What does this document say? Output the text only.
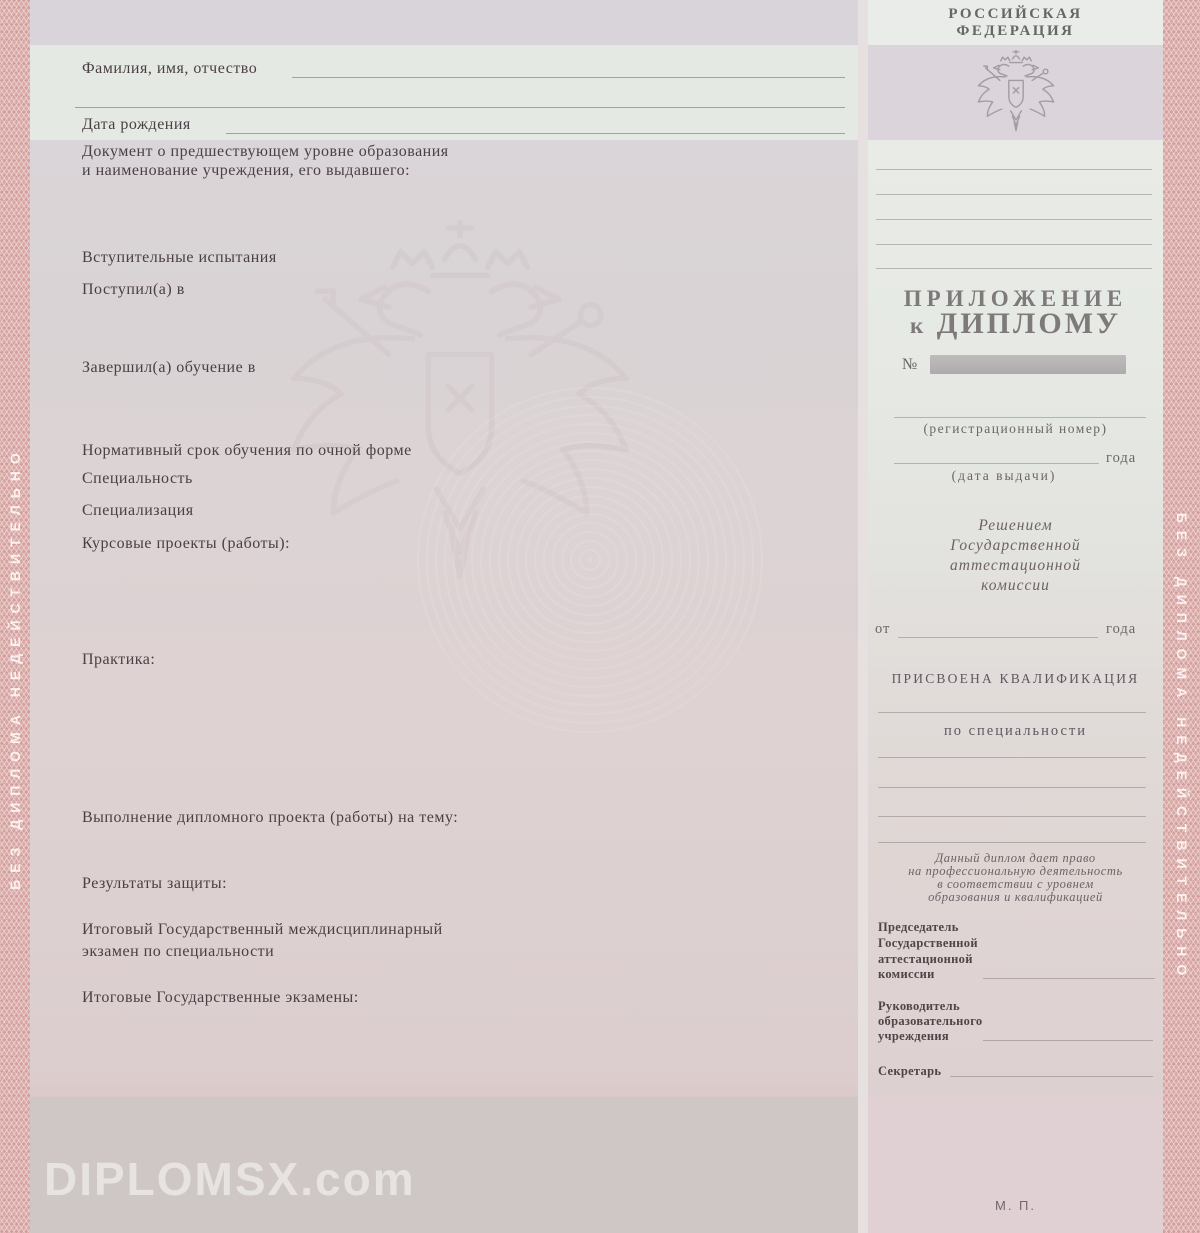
Фамилия, имя, отчество
Дата рождения
Документ о предшествующем уровне образования
и наименование учреждения, его выдавшего:
Вступительные испытания
Поступил(а) в
Завершил(а) обучение в
Нормативный срок обучения по очной форме
Специальность
Специализация
Курсовые проекты (работы):
Практика:
Выполнение дипломного проекта (работы) на тему:
Результаты защиты:
Итоговый Государственный междисциплинарный
экзамен по специальности
Итоговые Государственные экзамены:
DIPLOMSX.com
РОССИЙСКАЯ
ФЕДЕРАЦИЯ
ПРИЛОЖЕНИЕ
к ДИПЛОМУ
№
(регистрационный номер)
года
(дата выдачи)
Решением
Государственной
аттестационной
комиссии
от	года
ПРИСВОЕНА КВАЛИФИКАЦИЯ
по специальности
Данный диплом дает право
на профессиональную деятельность
в соответствии с уровнем
образования и квалификацией
Председатель
Государственной
аттестационной
комиссии
Руководитель
образовательного
учреждения
Секретарь
М. П.
БЕЗ ДИПЛОМА НЕДЕЙСТВИТЕЛЬНО	БЕЗ ДИПЛОМА НЕДЕЙСТВИТЕЛЬНО
